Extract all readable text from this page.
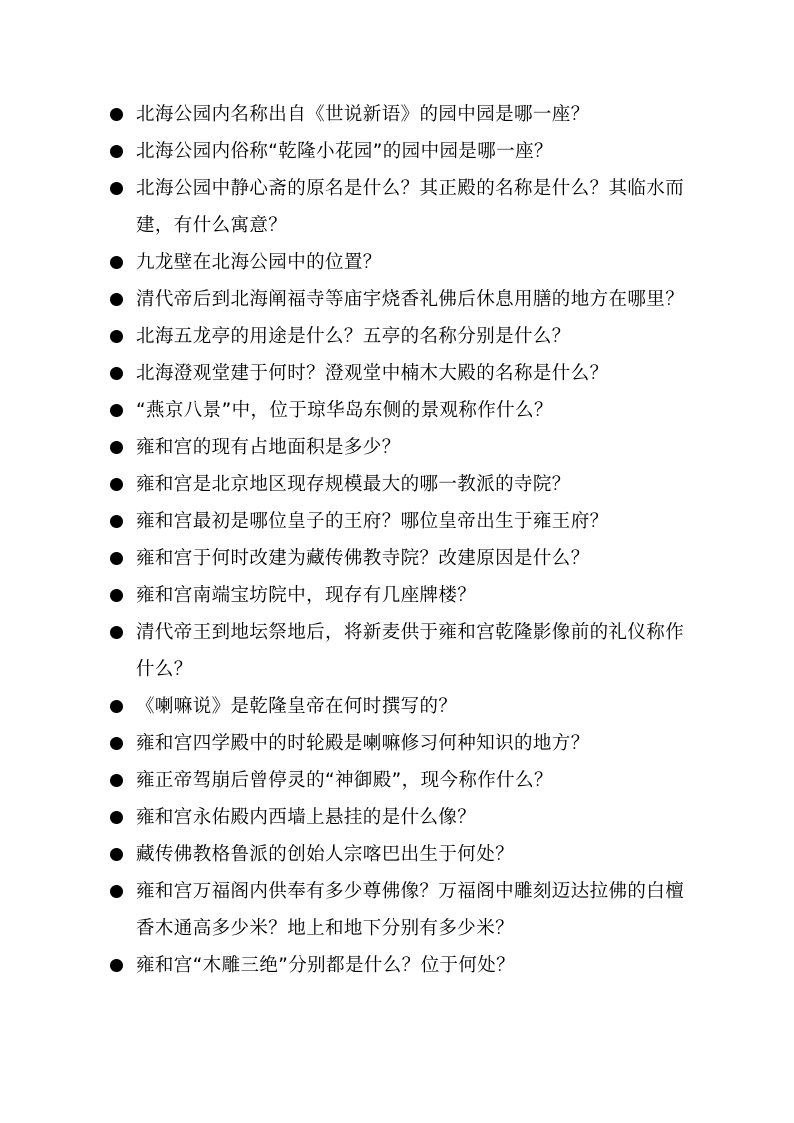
北海公园内名称出自《世说新语》的园中园是哪一座？
北海公园内俗称“乾隆小花园”的园中园是哪一座？
北海公园中静心斋的原名是什么？其正殿的名称是什么？其临水而建，有什么寓意？
九龙壁在北海公园中的位置？
清代帝后到北海阐福寺等庙宇烧香礼佛后休息用膳的地方在哪里？
北海五龙亭的用途是什么？五亭的名称分别是什么？
北海澄观堂建于何时？澄观堂中楠木大殿的名称是什么？
“燕京八景”中，位于琼华岛东侧的景观称作什么？
雍和宫的现有占地面积是多少？
雍和宫是北京地区现存规模最大的哪一教派的寺院？
雍和宫最初是哪位皇子的王府？哪位皇帝出生于雍王府？
雍和宫于何时改建为藏传佛教寺院？改建原因是什么？
雍和宫南端宝坊院中，现存有几座牌楼？
清代帝王到地坛祭地后，将新麦供于雍和宫乾隆影像前的礼仪称作什么？
《喇嘛说》是乾隆皇帝在何时撰写的？
雍和宫四学殿中的时轮殿是喇嘛修习何种知识的地方？
雍正帝驾崩后曾停灵的“神御殿”，现今称作什么？
雍和宫永佑殿内西墙上悬挂的是什么像？
藏传佛教格鲁派的创始人宗喀巴出生于何处？
雍和宫万福阁内供奉有多少尊佛像？万福阁中雕刻迈达拉佛的白檀香木通高多少米？地上和地下分别有多少米？
雍和宫“木雕三绝”分别都是什么？位于何处？
